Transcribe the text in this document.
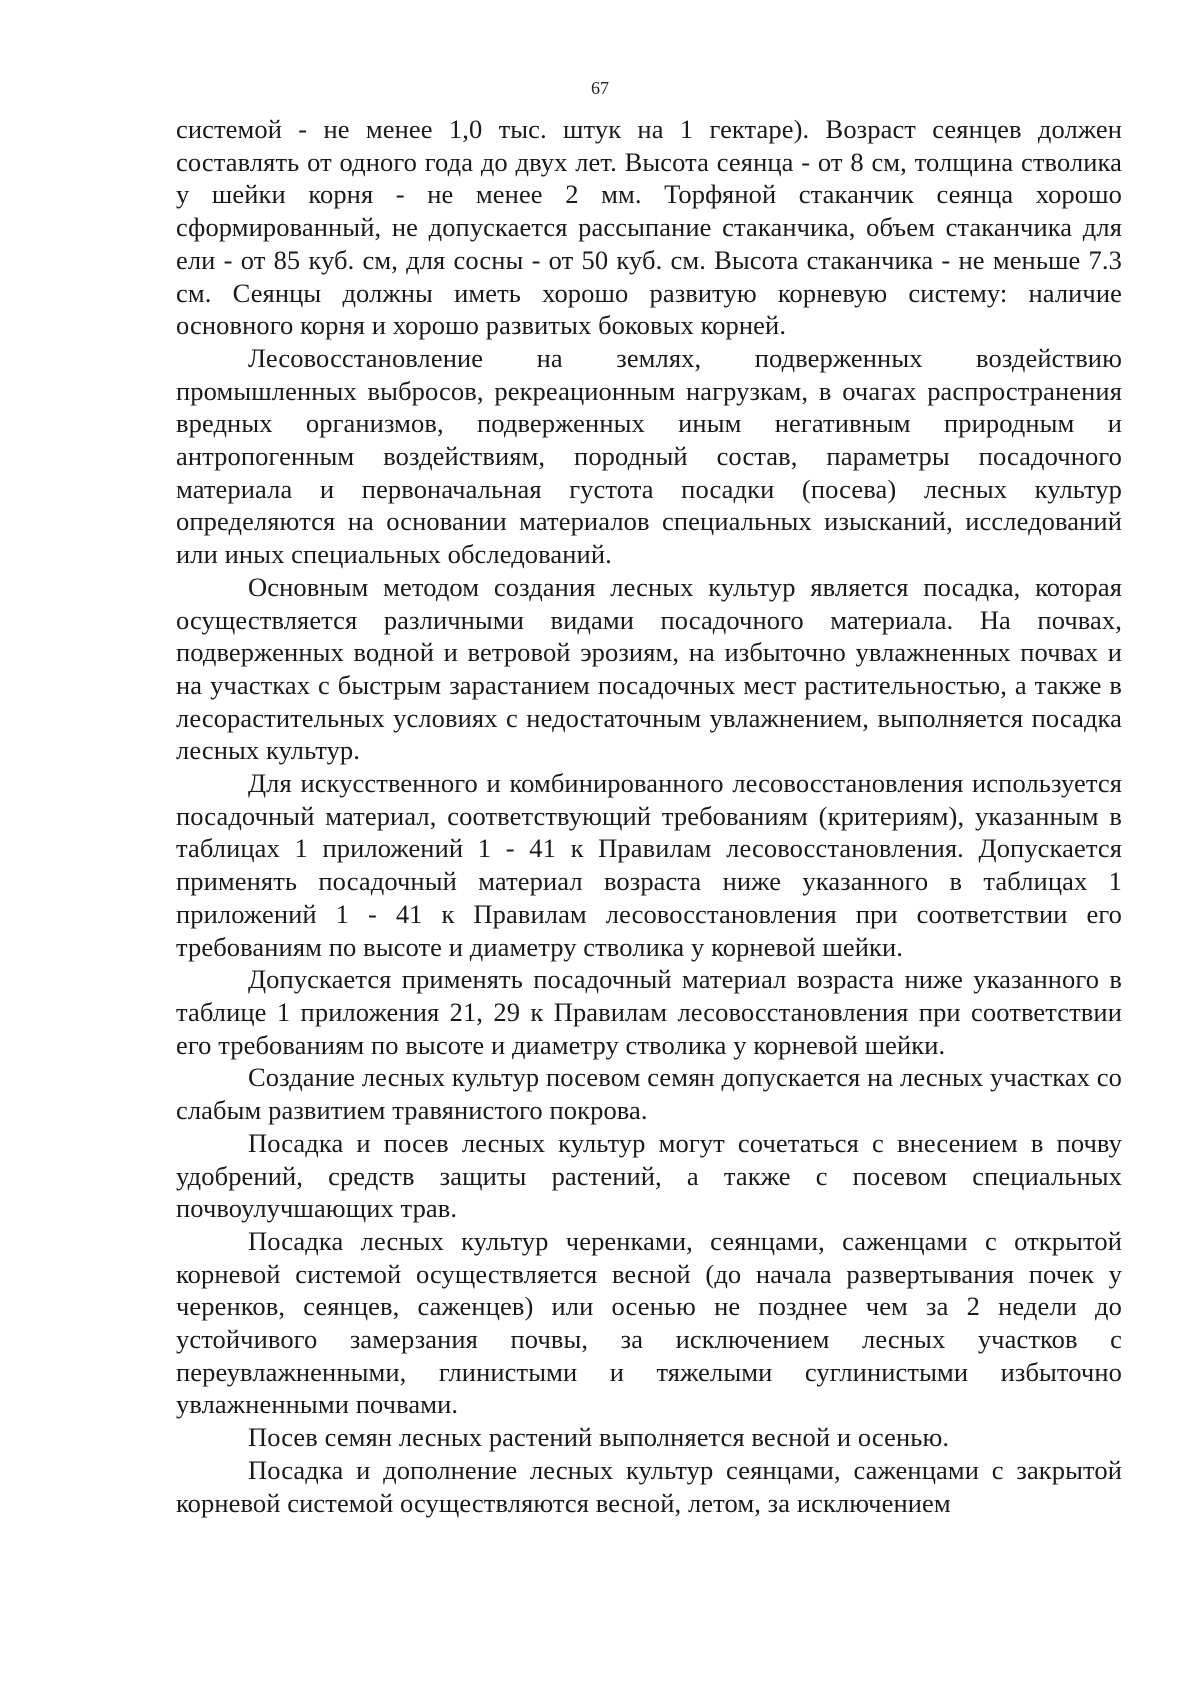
67

системой - не менее 1,0 тыс. штук на 1 гектаре). Возраст сеянцев должен составлять от одного года до двух лет. Высота сеянца - от 8 см, толщина стволика у шейки корня - не менее 2 мм. Торфяной стаканчик сеянца хорошо сформированный, не допускается рассыпание стаканчика, объем стаканчика для ели - от 85 куб. см, для сосны - от 50 куб. см. Высота стаканчика - не меньше 7.3 см. Сеянцы должны иметь хорошо развитую корневую систему: наличие основного корня и хорошо развитых боковых корней.

Лесовосстановление на землях, подверженных воздействию промышленных выбросов, рекреационным нагрузкам, в очагах распространения вредных организмов, подверженных иным негативным природным и антропогенным воздействиям, породный состав, параметры посадочного материала и первоначальная густота посадки (посева) лесных культур определяются на основании материалов специальных изысканий, исследований или иных специальных обследований.

Основным методом создания лесных культур является посадка, которая осуществляется различными видами посадочного материала. На почвах, подверженных водной и ветровой эрозиям, на избыточно увлажненных почвах и на участках с быстрым зарастанием посадочных мест растительностью, а также в лесорастительных условиях с недостаточным увлажнением, выполняется посадка лесных культур.

Для искусственного и комбинированного лесовосстановления используется посадочный материал, соответствующий требованиям (критериям), указанным в таблицах 1 приложений 1 - 41 к Правилам лесовосстановления. Допускается применять посадочный материал возраста ниже указанного в таблицах 1 приложений 1 - 41 к Правилам лесовосстановления при соответствии его требованиям по высоте и диаметру стволика у корневой шейки.

Допускается применять посадочный материал возраста ниже указанного в таблице 1 приложения 21, 29 к Правилам лесовосстановления при соответствии его требованиям по высоте и диаметру стволика у корневой шейки.

Создание лесных культур посевом семян допускается на лесных участках со слабым развитием травянистого покрова.

Посадка и посев лесных культур могут сочетаться с внесением в почву удобрений, средств защиты растений, а также с посевом специальных почвоулучшающих трав.

Посадка лесных культур черенками, сеянцами, саженцами с открытой корневой системой осуществляется весной (до начала развертывания почек у черенков, сеянцев, саженцев) или осенью не позднее чем за 2 недели до устойчивого замерзания почвы, за исключением лесных участков с переувлажненными, глинистыми и тяжелыми суглинистыми избыточно увлажненными почвами.

Посев семян лесных растений выполняется весной и осенью.

Посадка и дополнение лесных культур сеянцами, саженцами с закрытой корневой системой осуществляются весной, летом, за исключением
